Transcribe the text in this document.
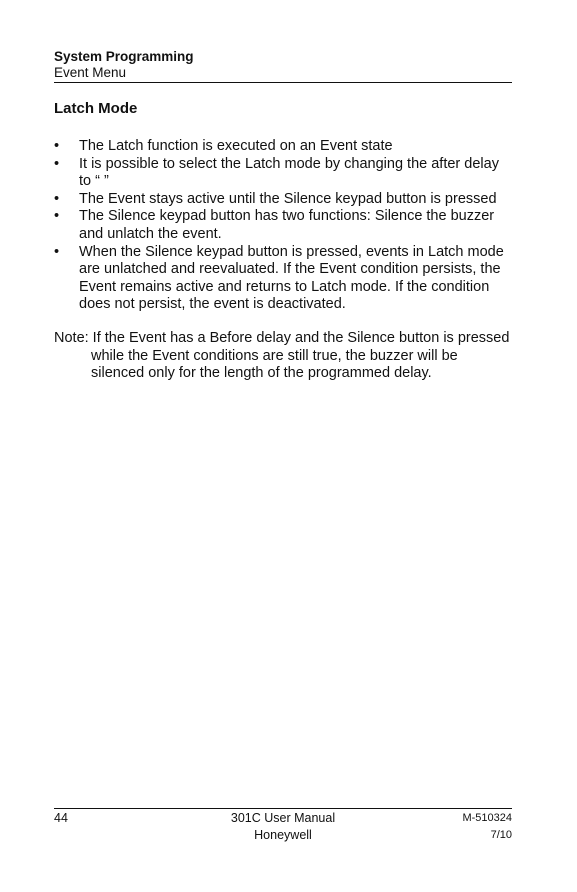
System Programming
Event Menu
Latch Mode
• The Latch function is executed on an Event state
• It is possible to select the Latch mode by changing the after delay to “ ”
• The Event stays active until the Silence keypad button is pressed
• The Silence keypad button has two functions: Silence the buzzer and unlatch the event.
• When the Silence keypad button is pressed, events in Latch mode are unlatched and reevaluated. If the Event condition persists, the Event remains active and returns to Latch mode. If the condition does not persist, the event is deactivated.
Note: If the Event has a Before delay and the Silence button is pressed
while the Event conditions are still true, the buzzer will be silenced only for the length of the programmed delay.
44	301C User Manual
Honeywell
M-510324
7/10
